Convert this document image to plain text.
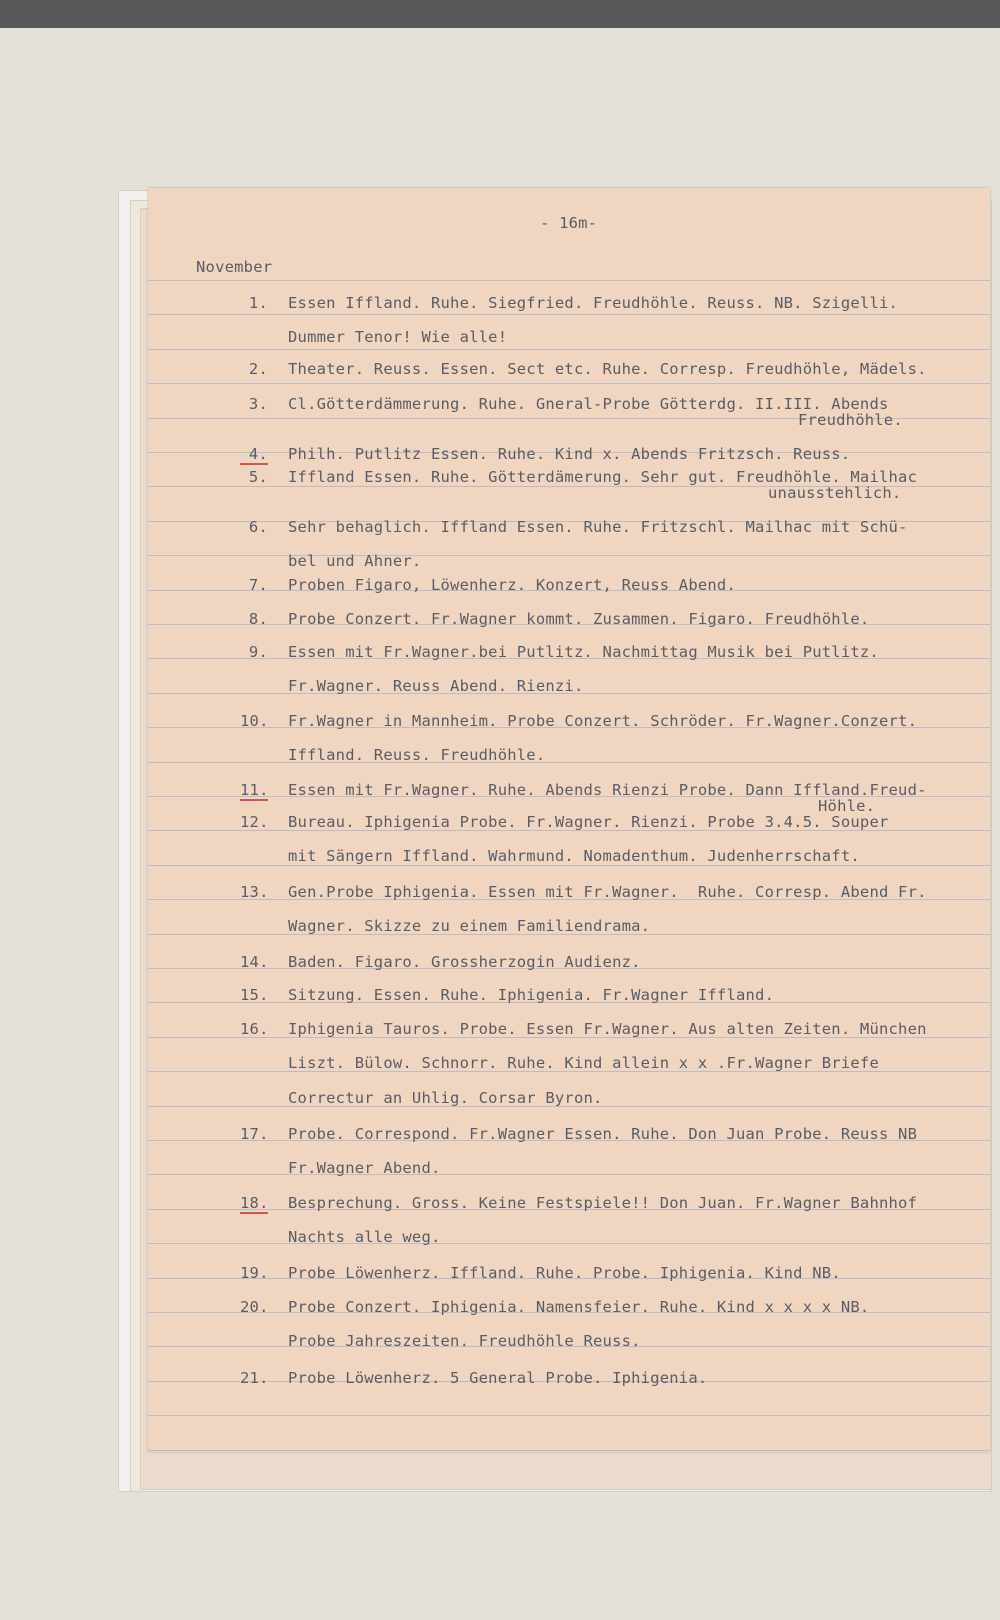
- 16m-

November

1. Essen Iffland. Ruhe. Siegfried. Freudhöhle. Reuss. NB. Szigelli.
Dummer Tenor! Wie alle!
2. Theater. Reuss. Essen. Sect etc. Ruhe. Corresp. Freudhöhle, Mädels.
3. Cl.Götterdämmerung. Ruhe. Gneral-Probe Götterdg. II.III. Abends
Freudhöhle.
4. Philh. Putlitz Essen. Ruhe. Kind x. Abends Fritzsch. Reuss.
5. Iffland Essen. Ruhe. Götterdämerung. Sehr gut. Freudhöhle. Mailhac
unausstehlich.
6. Sehr behaglich. Iffland Essen. Ruhe. Fritzschl. Mailhac mit Schü-
bel und Ahner.
7. Proben Figaro, Löwenherz. Konzert, Reuss Abend.
8. Probe Conzert. Fr.Wagner kommt. Zusammen. Figaro. Freudhöhle.
9. Essen mit Fr.Wagner.bei Putlitz. Nachmittag Musik bei Putlitz.
Fr.Wagner. Reuss Abend. Rienzi.
10. Fr.Wagner in Mannheim. Probe Conzert. Schröder. Fr.Wagner.Conzert.
Iffland. Reuss. Freudhöhle.
11. Essen mit Fr.Wagner. Ruhe. Abends Rienzi Probe. Dann Iffland.Freud-
Höhle.
12. Bureau. Iphigenia Probe. Fr.Wagner. Rienzi. Probe 3.4.5. Souper
mit Sängern Iffland. Wahrmund. Nomadenthum. Judenherrschaft.
13. Gen.Probe Iphigenia. Essen mit Fr.Wagner.  Ruhe. Corresp. Abend Fr.
Wagner. Skizze zu einem Familiendrama.
14. Baden. Figaro. Grossherzogin Audienz.
15. Sitzung. Essen. Ruhe. Iphigenia. Fr.Wagner Iffland.
16. Iphigenia Tauros. Probe. Essen Fr.Wagner. Aus alten Zeiten. München
Liszt. Bülow. Schnorr. Ruhe. Kind allein x x .Fr.Wagner Briefe
Correctur an Uhlig. Corsar Byron.
17. Probe. Correspond. Fr.Wagner Essen. Ruhe. Don Juan Probe. Reuss NB
Fr.Wagner Abend.
18. Besprechung. Gross. Keine Festspiele!! Don Juan. Fr.Wagner Bahnhof
Nachts alle weg.
19. Probe Löwenherz. Iffland. Ruhe. Probe. Iphigenia. Kind NB.
20. Probe Conzert. Iphigenia. Namensfeier. Ruhe. Kind x x x x NB.
Probe Jahreszeiten. Freudhöhle Reuss.
21. Probe Löwenherz. 5 General Probe. Iphigenia.
